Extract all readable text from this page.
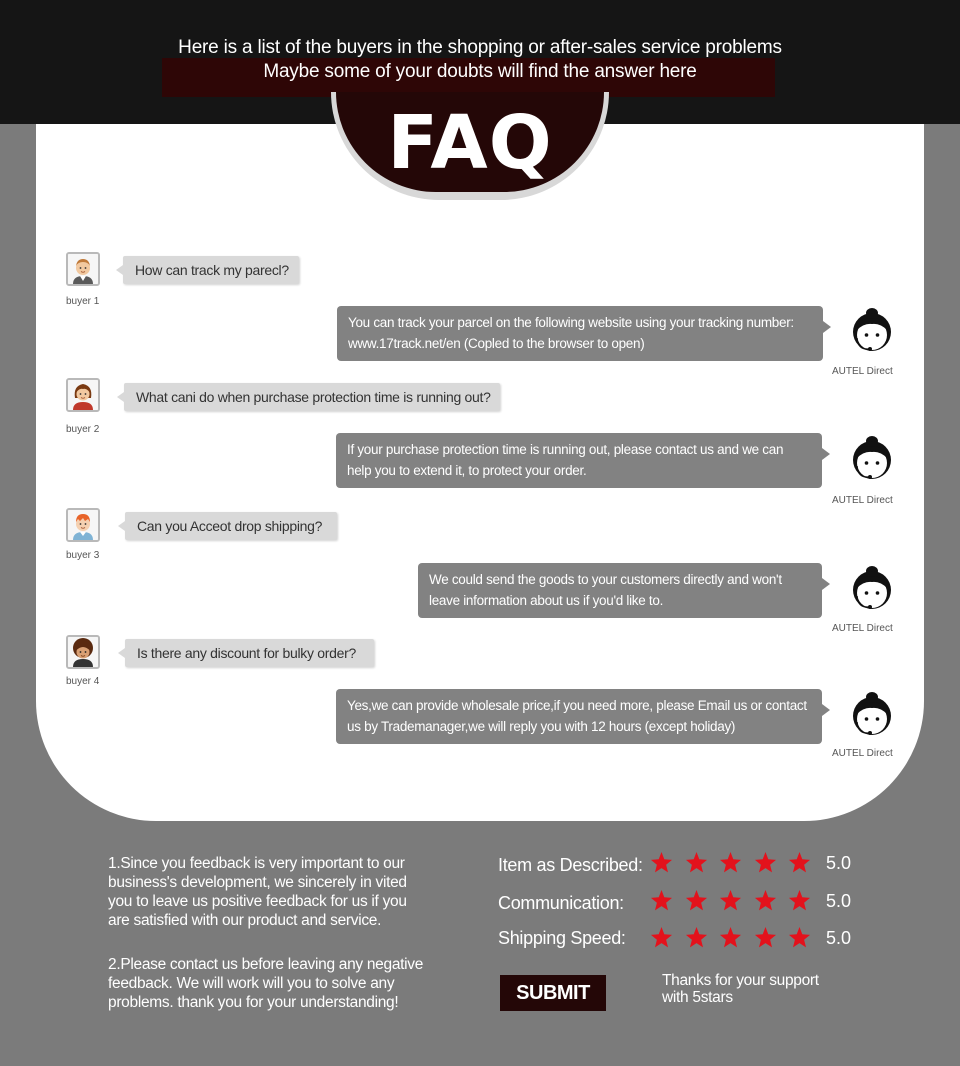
Here is a list of the buyers in the shopping or after-sales service problems
Maybe some of your doubts will find the answer here
FAQ
buyer 1
How can track my parecl?
You can track your parcel on the following website using your tracking number:
www.17track.net/en (Copled to the browser to open)
AUTEL Direct
buyer 2
What cani do when purchase protection time is running out?
If your purchase protection time is running out, please contact us and we can
help you to extend it, to protect your order.
AUTEL Direct
buyer 3
Can you Acceot drop shipping?
We could send the goods to your customers directly and won't
leave information about us if you'd like to.
AUTEL Direct
buyer 4
Is there any discount for bulky order?
Yes,we can provide wholesale price,if you need more, please Email us or contact
us by Trademanager,we will reply you with 12 hours (except holiday)
AUTEL Direct
1.Since you feedback is very important to our
business's development, we sincerely in vited
you to leave us positive feedback for us if you
are satisfied with our product and service.
2.Please contact us before leaving any negative
feedback. We will work will you to solve any
problems. thank you for your understanding!
Item as Described:	5.0
Communication:	5.0
Shipping Speed:	5.0
SUBMIT
Thanks for your support
with 5stars
